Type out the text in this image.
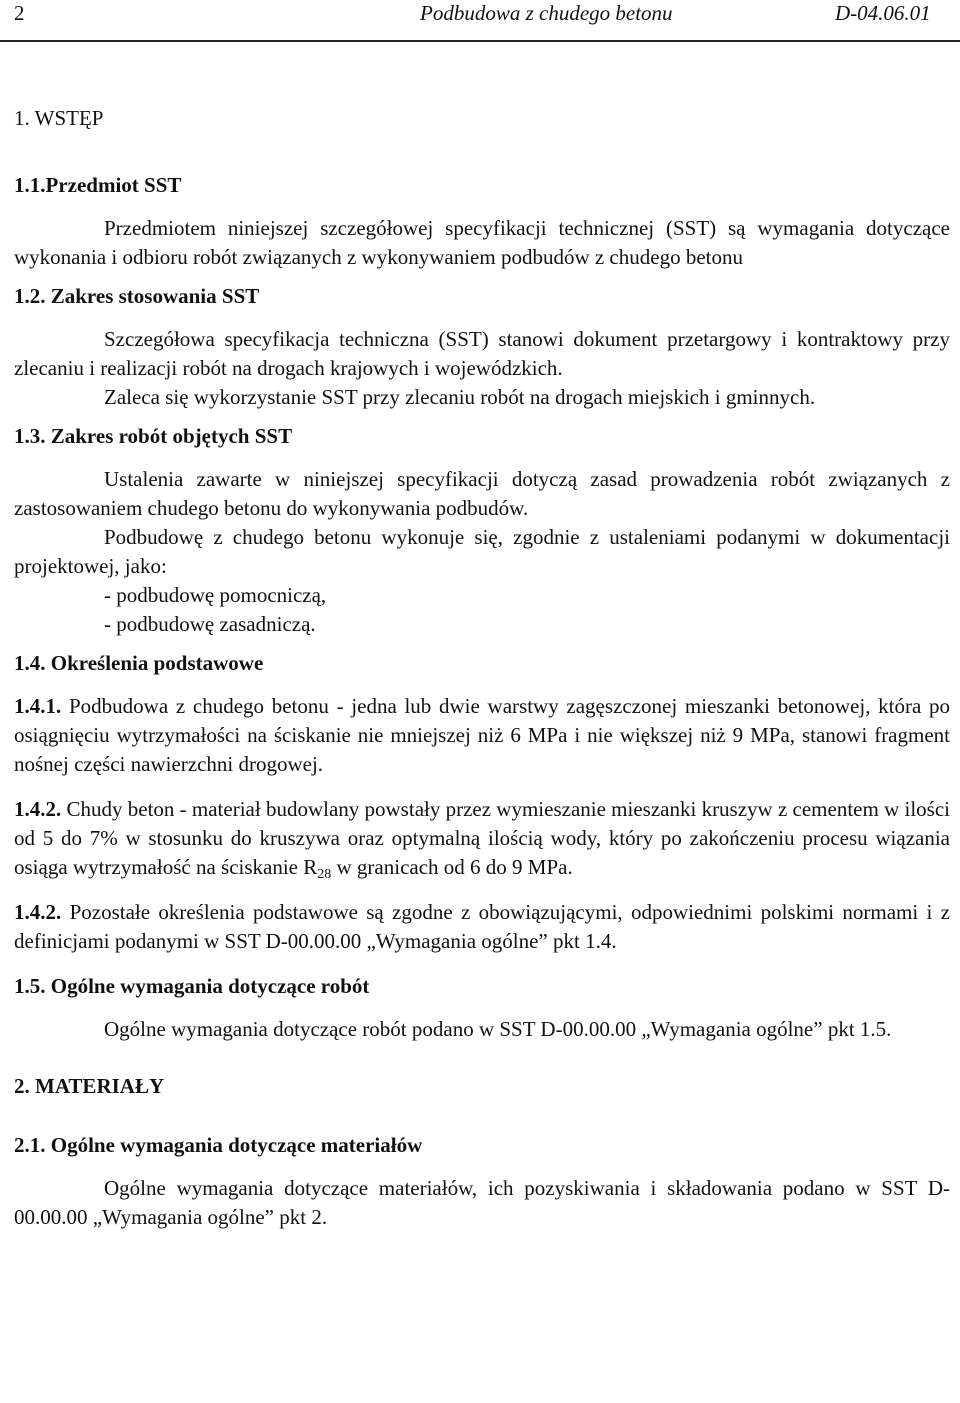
2	Podbudowa z chudego betonu	D-04.06.01
1. WSTĘP
1.1.Przedmiot SST

Przedmiotem niniejszej szczegółowej specyfikacji technicznej (SST) są wymagania dotyczące wykonania i odbioru robót związanych z wykonywaniem podbudów z chudego betonu

1.2. Zakres stosowania SST

Szczegółowa specyfikacja techniczna (SST) stanowi dokument przetargowy i kontraktowy przy zlecaniu i realizacji robót na drogach krajowych i wojewódzkich.

Zaleca się wykorzystanie SST przy zlecaniu robót na drogach miejskich i gminnych.

1.3. Zakres robót objętych SST

Ustalenia zawarte w niniejszej specyfikacji dotyczą zasad prowadzenia robót związanych z zastosowaniem chudego betonu do wykonywania podbudów.

Podbudowę z chudego betonu wykonuje się, zgodnie z ustaleniami podanymi w dokumentacji projektowej, jako:

- podbudowę pomocniczą,

- podbudowę zasadniczą.

1.4. Określenia podstawowe

1.4.1. Podbudowa z chudego betonu - jedna lub dwie warstwy zagęszczonej mieszanki betonowej, która po osiągnięciu wytrzymałości na ściskanie nie mniejszej niż 6 MPa i nie większej niż 9 MPa, stanowi fragment nośnej części nawierzchni drogowej.

1.4.2. Chudy beton - materiał budowlany powstały przez wymieszanie mieszanki kruszyw z cementem w ilości od 5 do 7% w stosunku do kruszywa oraz optymalną ilością wody, który po zakończeniu procesu wiązania osiąga wytrzymałość na ściskanie $R_{28}$ w granicach od 6 do 9 MPa.

1.4.2. Pozostałe określenia podstawowe są zgodne z obowiązującymi, odpowiednimi polskimi normami i z definicjami podanymi w SST D-00.00.00 „Wymagania ogólne” pkt 1.4.

1.5. Ogólne wymagania dotyczące robót

Ogólne wymagania dotyczące robót podano w SST D-00.00.00 „Wymagania ogólne” pkt 1.5.

2. MATERIAŁY
2.1. Ogólne wymagania dotyczące materiałów

Ogólne wymagania dotyczące materiałów, ich pozyskiwania i składowania podano w SST D-00.00.00 „Wymagania ogólne” pkt 2.
